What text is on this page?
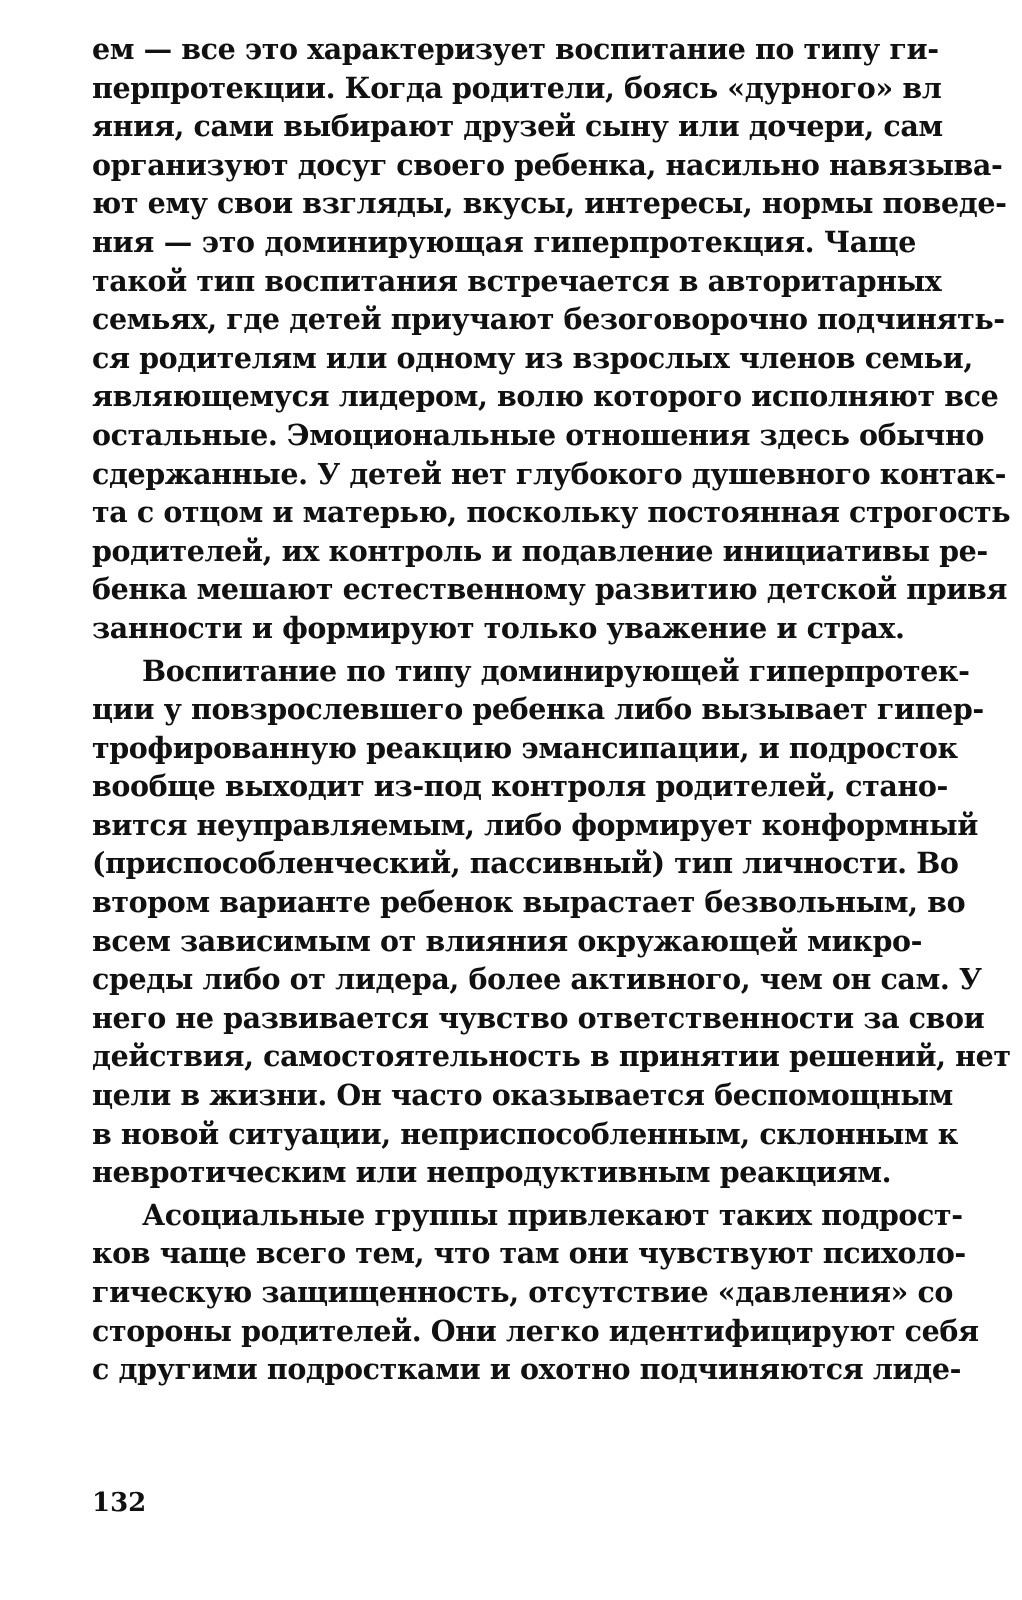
ем — все это характеризует воспитание по типу ги-
перпротекции. Когда родители, боясь «дурного» вл
яния, сами выбирают друзей сыну или дочери, сам
организуют досуг своего ребенка, насильно навязыва-
ют ему свои взгляды, вкусы, интересы, нормы поведе-
ния — это доминирующая гиперпротекция. Чаще
такой тип воспитания встречается в авторитарных
семьях, где детей приучают безоговорочно подчинять-
ся родителям или одному из взрослых членов семьи,
являющемуся лидером, волю которого исполняют все
остальные. Эмоциональные отношения здесь обычно
сдержанные. У детей нет глубокого душевного контак-
та с отцом и матерью, поскольку постоянная строгость
родителей, их контроль и подавление инициативы ре-
бенка мешают естественному развитию детской привя
занности и формируют только уважение и страх.
Воспитание по типу доминирующей гиперпротек-
ции у повзрослевшего ребенка либо вызывает гипер-
трофированную реакцию эмансипации, и подросток
вообще выходит из-под контроля родителей, стано-
вится неуправляемым, либо формирует конформный
(приспособленческий, пассивный) тип личности. Во
втором варианте ребенок вырастает безвольным, во
всем зависимым от влияния окружающей микро-
среды либо от лидера, более активного, чем он сам. У
него не развивается чувство ответственности за свои
действия, самостоятельность в принятии решений, нет
цели в жизни. Он часто оказывается беспомощным
в новой ситуации, неприспособленным, склонным к
невротическим или непродуктивным реакциям.
Асоциальные группы привлекают таких подрост-
ков чаще всего тем, что там они чувствуют психоло-
гическую защищенность, отсутствие «давления» со
стороны родителей. Они легко идентифицируют себя
с другими подростками и охотно подчиняются лиде-
132
